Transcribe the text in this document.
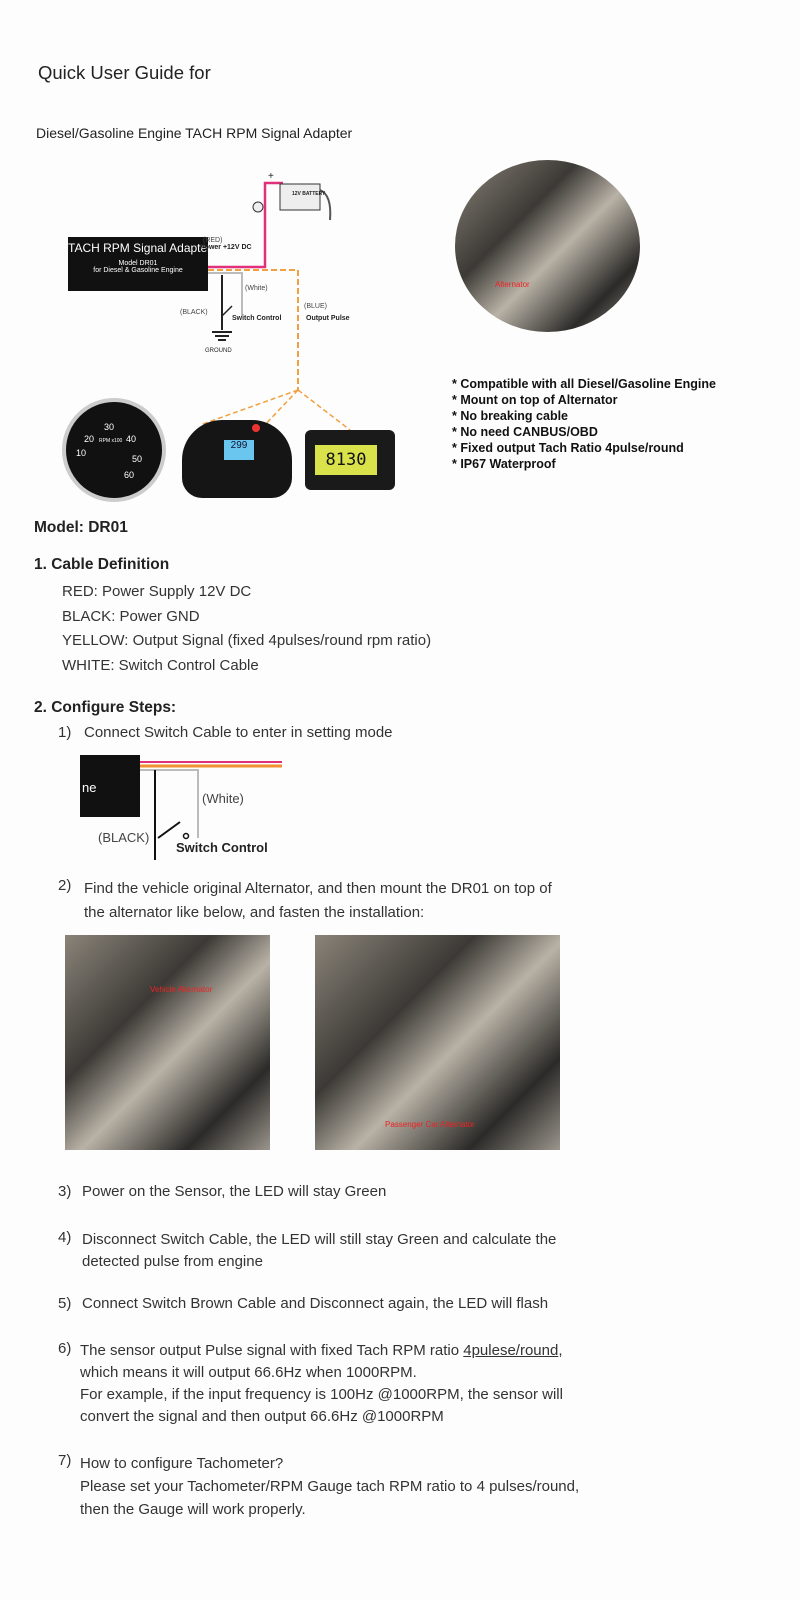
Quick User Guide for
Diesel/Gasoline Engine TACH RPM Signal Adapter
12V BATTERY
+
TACH RPM Signal Adapter
Model DR01
for Diesel & Gasoline Engine
(RED)
Power +12V DC
(White)
(BLACK)
Switch Control
(BLUE)
Output Pulse
GROUND
30
20	40
10
50
60
RPM x100	299
8130
Alternator
* Compatible with all Diesel/Gasoline Engine
* Mount on top of Alternator
* No breaking cable
* No need CANBUS/OBD
* Fixed output Tach Ratio 4pulse/round
* IP67 Waterproof
Model: DR01
1. Cable Definition
RED: Power Supply 12V DC
BLACK: Power GND
YELLOW: Output Signal (fixed 4pulses/round rpm ratio)
WHITE: Switch Control Cable
2. Configure Steps:
1) Connect Switch Cable to enter in setting mode
ne
(White)
(BLACK)
Switch Control
2) Find the vehicle original Alternator, and then mount the DR01 on top of
the alternator like below, and fasten the installation:
Vehicle Alternator
Passenger Car Alternator
3) Power on the Sensor, the LED will stay Green
4) Disconnect Switch Cable, the LED will still stay Green and calculate the
detected pulse from engine
5) Connect Switch Brown Cable and Disconnect again, the LED will flash
6) The sensor output Pulse signal with fixed Tach RPM ratio 4pulese/round,
which means it will output 66.6Hz when 1000RPM.
For example, if the input frequency is 100Hz @1000RPM, the sensor will
convert the signal and then output 66.6Hz @1000RPM
7) How to configure Tachometer?
Please set your Tachometer/RPM Gauge tach RPM ratio to 4 pulses/round,
then the Gauge will work properly.
